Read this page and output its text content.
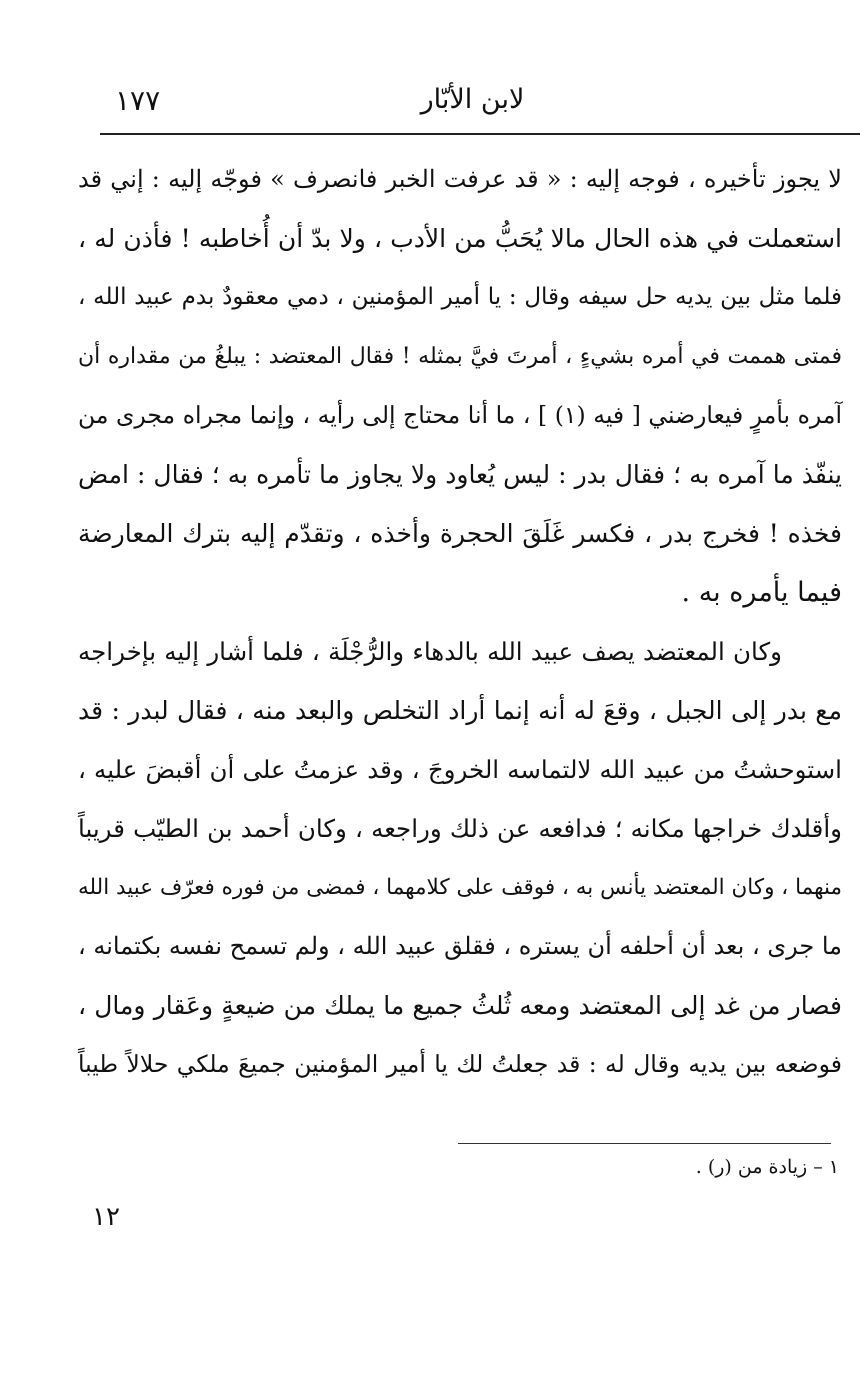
لابن الأبّار
١٧٧
لا يجوز تأخيره ، فوجه إليه : « قد عرفت الخبر فانصرف » فوجّه إليه : إني قد
استعملت في هذه الحال مالا يُحَبُّ من الأدب ، ولا بدّ أن أُخاطبه ! فأذن له ،
فلما مثل بين يديه حل سيفه وقال : يا أمير المؤمنين ، دمي معقودٌ بدم عبيد الله ،
فمتى هممت في أمره بشيءٍ ، أمرتَ فيَّ بمثله ! فقال المعتضد : يبلغُ من مقداره أن
آمره بأمرٍ فيعارضني [ فيه (١) ] ، ما أنا محتاج إلى رأيه ، وإنما مجراه مجرى من
ينفّذ ما آمره به ؛ فقال بدر : ليس يُعاود ولا يجاوز ما تأمره به ؛ فقال : امض
فخذه ! فخرج بدر ، فكسر غَلَقَ الحجرة وأخذه ، وتقدّم إليه بترك المعارضة
فيما يأمره به .
وكان المعتضد يصف عبيد الله بالدهاء والرُّجْلَة ، فلما أشار إليه بإخراجه
مع بدر إلى الجبل ، وقعَ له أنه إنما أراد التخلص والبعد منه ، فقال لبدر : قد
استوحشتُ من عبيد الله لالتماسه الخروجَ ، وقد عزمتُ على أن أقبضَ عليه ،
وأقلدك خراجها مكانه ؛ فدافعه عن ذلك وراجعه ، وكان أحمد بن الطيّب قريباً
منهما ، وكان المعتضد يأنس به ، فوقف على كلامهما ، فمضى من فوره فعرّف عبيد الله
ما جرى ، بعد أن أحلفه أن يستره ، فقلق عبيد الله ، ولم تسمح نفسه بكتمانه ،
فصار من غد إلى المعتضد ومعه ثُلثُ جميع ما يملك من ضيعةٍ وعَقار ومال ،
فوضعه بين يديه وقال له : قد جعلتُ لك يا أمير المؤمنين جميعَ ملكي حلالاً طيباً
١ – زيادة من (ر) .
١٢
